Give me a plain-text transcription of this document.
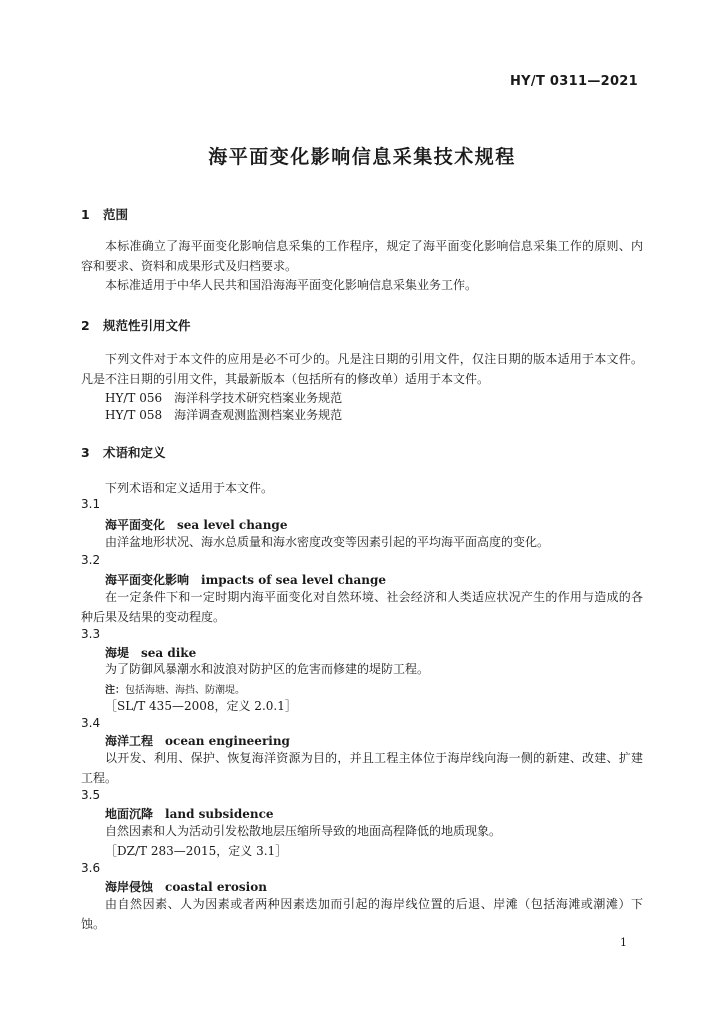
HY/T 0311—2021
海平面变化影响信息采集技术规程
1 范围

本标准确立了海平面变化影响信息采集的工作程序，规定了海平面变化影响信息采集工作的原则、内容和要求、资料和成果形式及归档要求。

本标准适用于中华人民共和国沿海海平面变化影响信息采集业务工作。

2 规范性引用文件

下列文件对于本文件的应用是必不可少的。凡是注日期的引用文件，仅注日期的版本适用于本文件。凡是不注日期的引用文件，其最新版本（包括所有的修改单）适用于本文件。

HY/T 056　海洋科学技术研究档案业务规范
HY/T 058　海洋调查观测监测档案业务规范
3 术语和定义
下列术语和定义适用于本文件。
3.1
海平面变化 sea level change

由洋盆地形状况、海水总质量和海水密度改变等因素引起的平均海平面高度的变化。

3.2
海平面变化影响 impacts of sea level change

在一定条件下和一定时期内海平面变化对自然环境、社会经济和人类适应状况产生的作用与造成的各种后果及结果的变动程度。

3.3
海堤 sea dike

为了防御风暴潮水和波浪对防护区的危害而修建的堤防工程。

注：包括海塘、海挡、防潮堤。
［SL/T 435—2008，定义 2.0.1］
3.4
海洋工程 ocean engineering

以开发、利用、保护、恢复海洋资源为目的，并且工程主体位于海岸线向海一侧的新建、改建、扩建工程。

3.5
地面沉降 land subsidence

自然因素和人为活动引发松散地层压缩所导致的地面高程降低的地质现象。

［DZ/T 283—2015，定义 3.1］
3.6
海岸侵蚀 coastal erosion

由自然因素、人为因素或者两种因素迭加而引起的海岸线位置的后退、岸滩（包括海滩或潮滩）下蚀。

1
